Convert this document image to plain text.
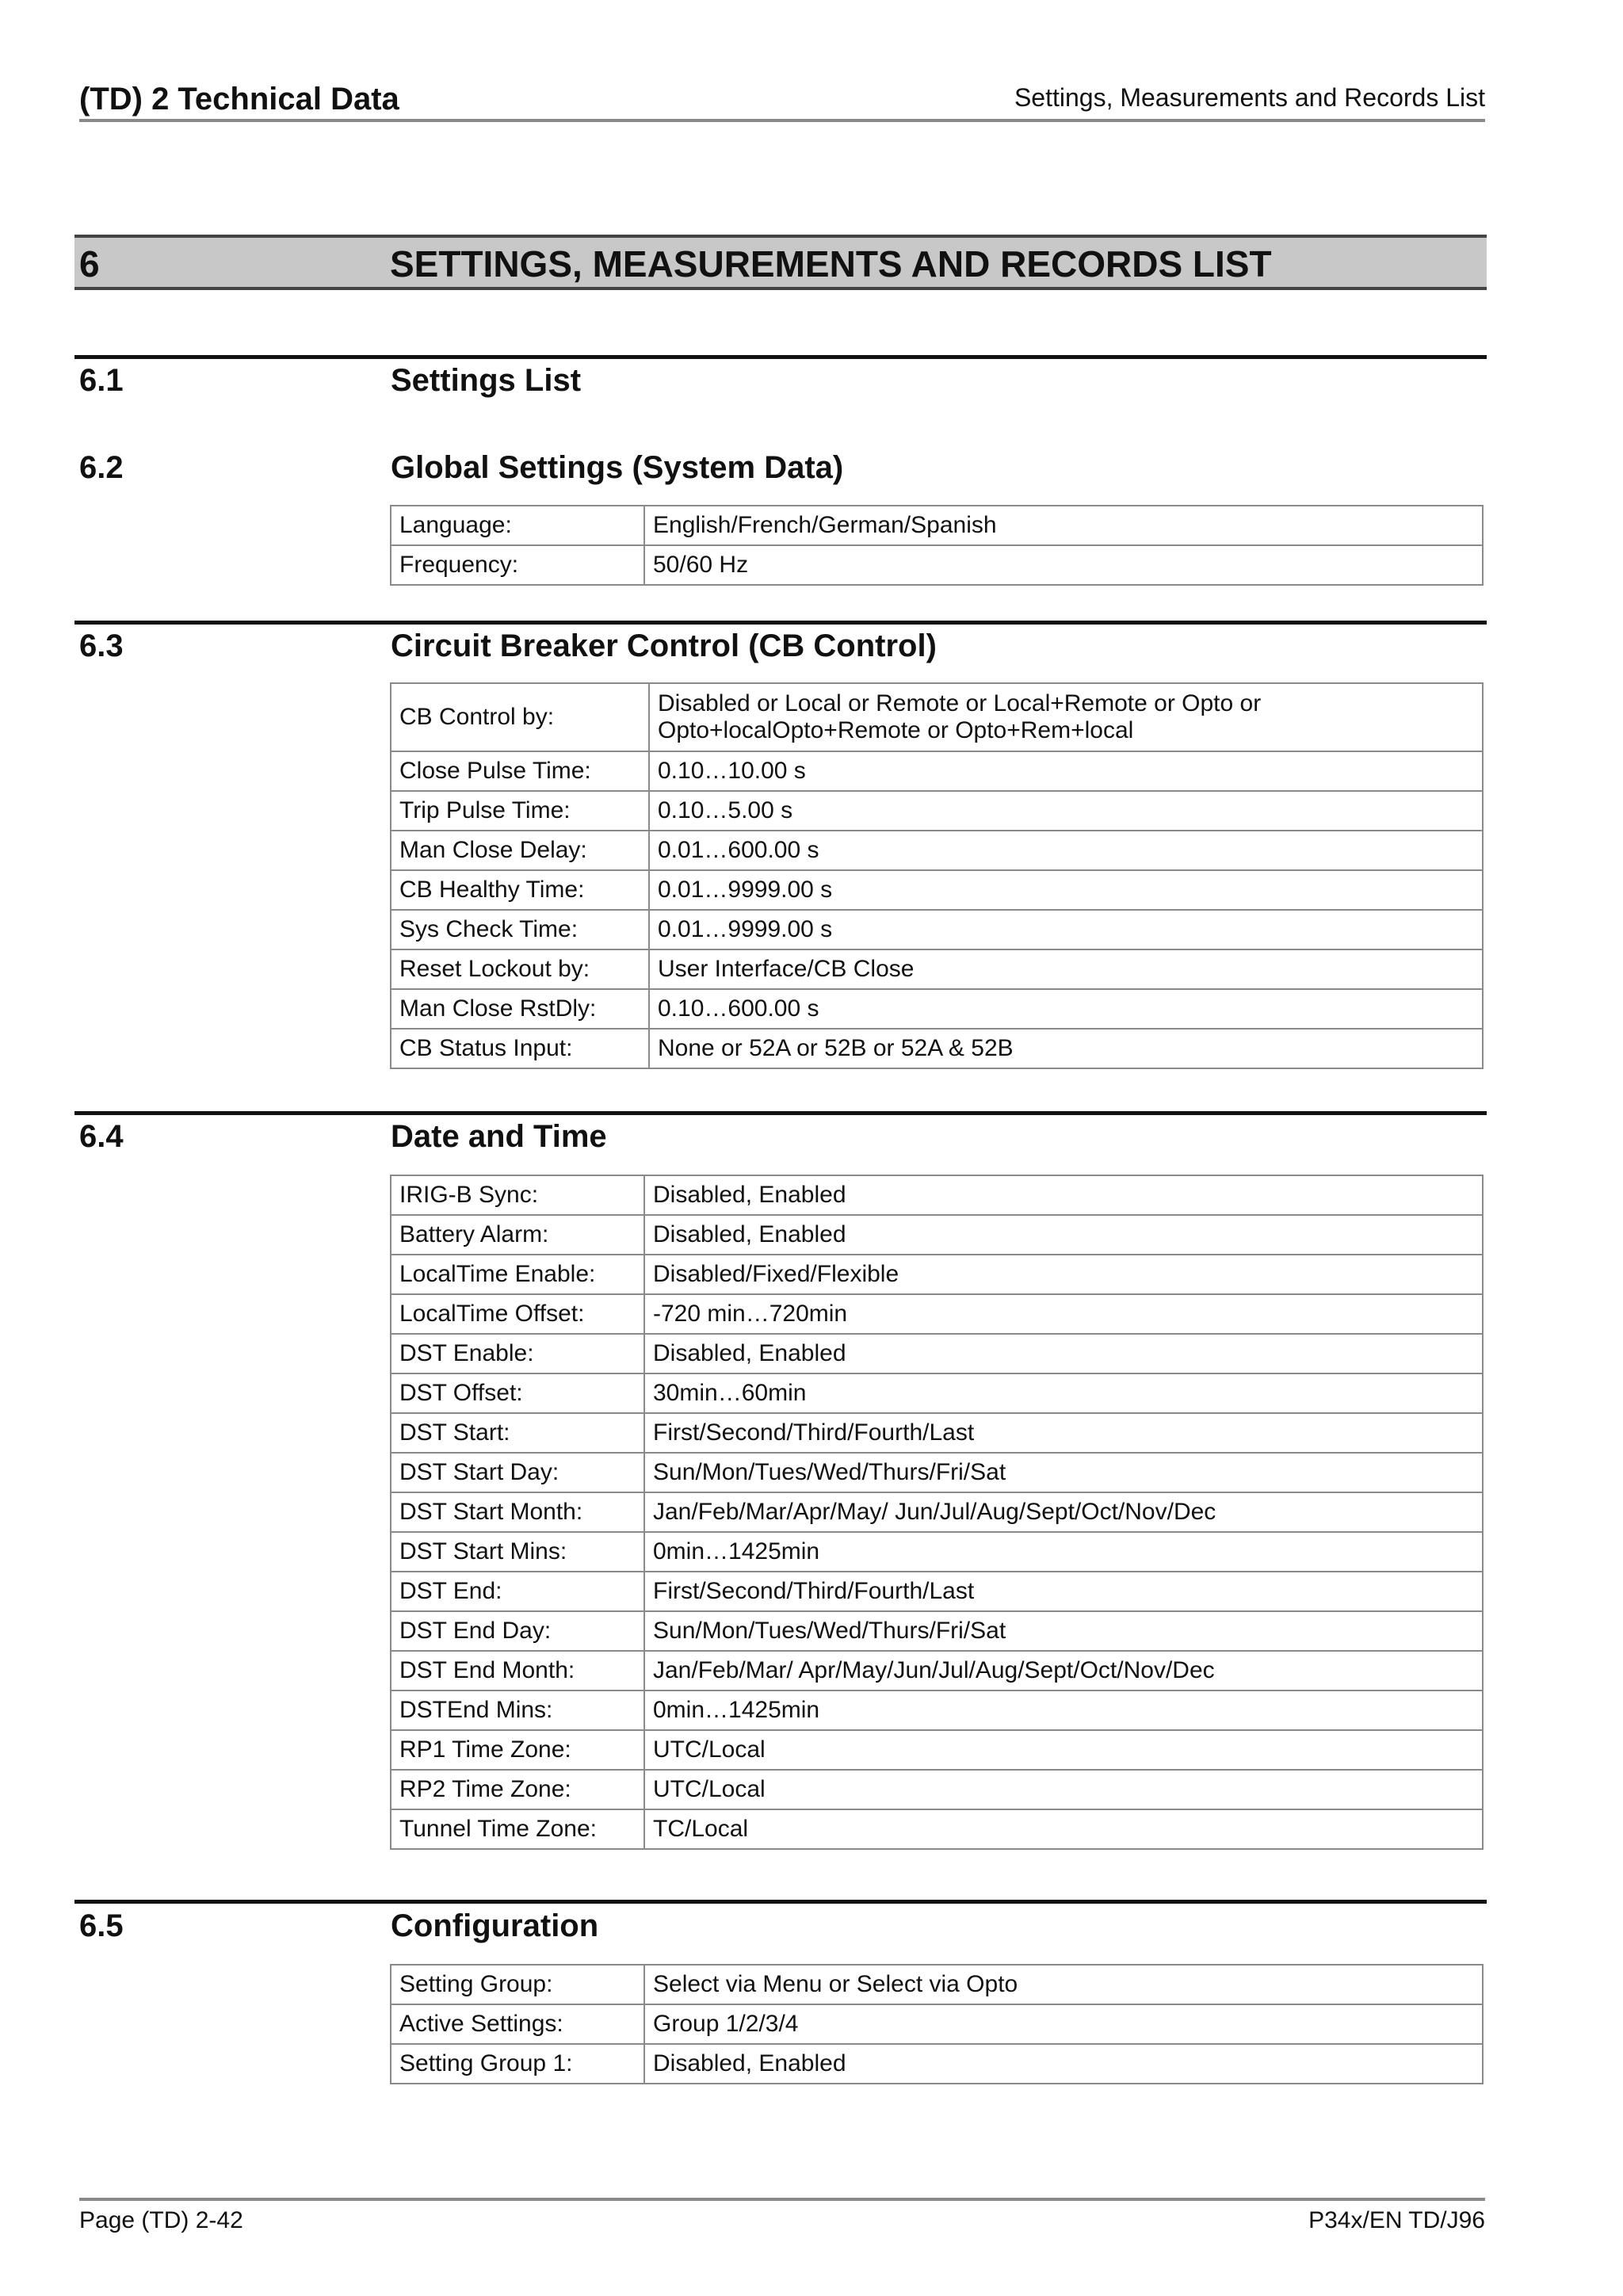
(TD) 2 Technical Data	Settings, Measurements and Records List
6	SETTINGS, MEASUREMENTS AND RECORDS LIST
6.1	Settings List
6.2	Global Settings (System Data)
Language:	English/French/German/Spanish
Frequency:	50/60 Hz
6.3	Circuit Breaker Control (CB Control)
CB Control by:	Disabled or Local or Remote or Local+Remote or Opto or Opto+localOpto+Remote or Opto+Rem+local
Close Pulse Time:	0.10…10.00 s
Trip Pulse Time:	0.10…5.00 s
Man Close Delay:	0.01…600.00 s
CB Healthy Time:	0.01…9999.00 s
Sys Check Time:	0.01…9999.00 s
Reset Lockout by:	User Interface/CB Close
Man Close RstDly:	0.10…600.00 s
CB Status Input:	None or 52A or 52B or 52A & 52B
6.4	Date and Time
IRIG-B Sync:	Disabled, Enabled
Battery Alarm:	Disabled, Enabled
LocalTime Enable:	Disabled/Fixed/Flexible
LocalTime Offset:	-720 min…720min
DST Enable:	Disabled, Enabled
DST Offset:	30min…60min
DST Start:	First/Second/Third/Fourth/Last
DST Start Day:	Sun/Mon/Tues/Wed/Thurs/Fri/Sat
DST Start Month:	Jan/Feb/Mar/Apr/May/ Jun/Jul/Aug/Sept/Oct/Nov/Dec
DST Start Mins:	0min…1425min
DST End:	First/Second/Third/Fourth/Last
DST End Day:	Sun/Mon/Tues/Wed/Thurs/Fri/Sat
DST End Month:	Jan/Feb/Mar/ Apr/May/Jun/Jul/Aug/Sept/Oct/Nov/Dec
DSTEnd Mins:	0min…1425min
RP1 Time Zone:	UTC/Local
RP2 Time Zone:	UTC/Local
Tunnel Time Zone:	TC/Local
6.5	Configuration
Setting Group:	Select via Menu or Select via Opto
Active Settings:	Group 1/2/3/4
Setting Group 1:	Disabled, Enabled
Page (TD) 2-42	P34x/EN TD/J96
